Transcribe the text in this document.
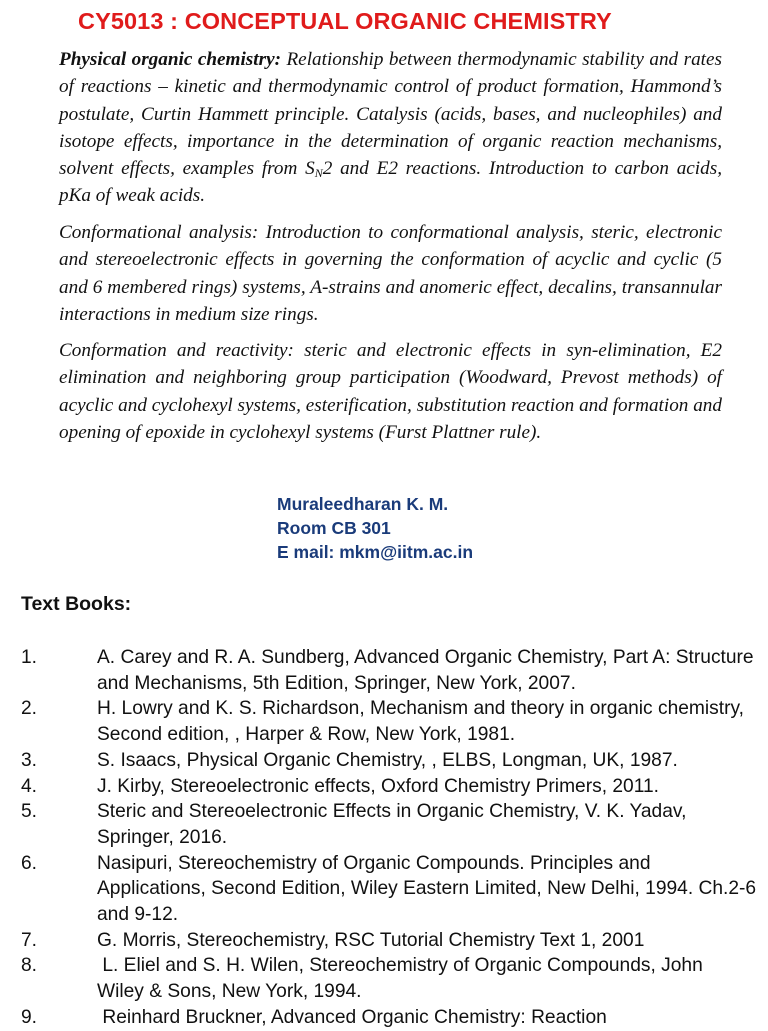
CY5013 : CONCEPTUAL ORGANIC CHEMISTRY

Physical organic chemistry: Relationship between thermodynamic stability and rates of reactions – kinetic and thermodynamic control of product formation, Hammond’s postulate, Curtin Hammett principle. Catalysis (acids, bases, and nucleophiles) and isotope effects, importance in the determination of organic reaction mechanisms, solvent effects, examples from $S_N2$ and E2 reactions. Introduction to carbon acids, pKa of weak acids.

Conformational analysis: Introduction to conformational analysis, steric, electronic and stereoelectronic effects in governing the conformation of acyclic and cyclic (5 and 6 membered rings) systems, A-strains and anomeric effect, decalins, transannular interactions in medium size rings.

Conformation and reactivity: steric and electronic effects in syn-elimination, E2 elimination and neighboring group participation (Woodward, Prevost methods) of acyclic and cyclohexyl systems, esterification, substitution reaction and formation and opening of epoxide in cyclohexyl systems (Furst Plattner rule).

Muraleedharan K. M.
Room CB 301
E mail: mkm@iitm.ac.in
Text Books:
1.	A. Carey and R. A. Sundberg, Advanced Organic Chemistry, Part A: Structure and Mechanisms, 5th Edition, Springer, New York, 2007.
2.	H. Lowry and K. S. Richardson, Mechanism and theory in organic chemistry, Second edition, , Harper & Row, New York, 1981.
3.	S. Isaacs, Physical Organic Chemistry, , ELBS, Longman, UK, 1987.
4.	J. Kirby, Stereoelectronic effects, Oxford Chemistry Primers, 2011.
5.	Steric and Stereoelectronic Effects in Organic Chemistry, V. K. Yadav,  Springer, 2016.
6.	Nasipuri, Stereochemistry of Organic Compounds. Principles and Applications, Second Edition, Wiley Eastern Limited, New Delhi, 1994. Ch.2-6 and 9-12.
7.	G. Morris, Stereochemistry, RSC Tutorial Chemistry Text 1, 2001
8.	L. Eliel and S. H. Wilen, Stereochemistry of Organic Compounds, John     Wiley & Sons, New York, 1994.
9.	Reinhard Bruckner, Advanced Organic Chemistry: Reaction
